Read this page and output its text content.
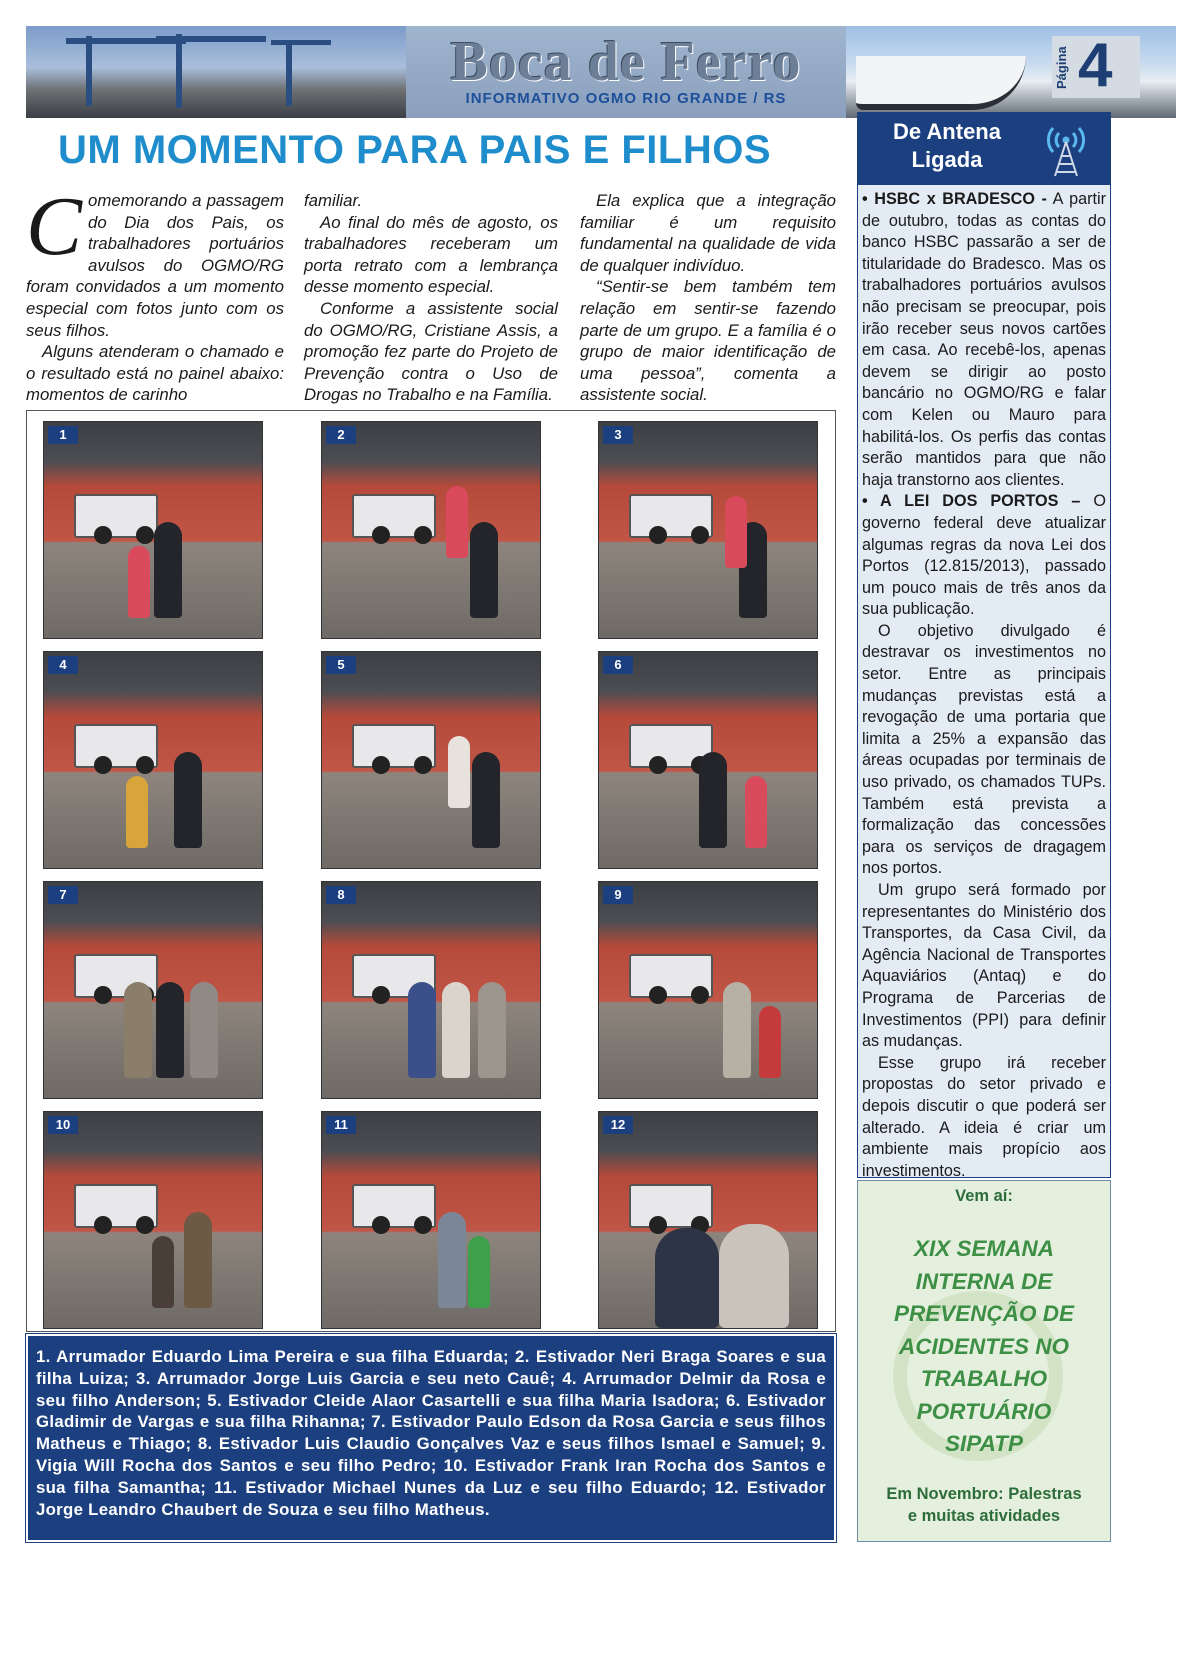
Boca de Ferro
INFORMATIVO OGMO RIO GRANDE / RS
Página 4
UM MOMENTO PARA PAIS E FILHOS

Comemorando a passagem do Dia dos Pais, os trabalhadores portuários avulsos do OGMO/RG foram convidados a um momento especial com fotos junto com os seus filhos.

Alguns atenderam o chamado e o resultado está no painel abaixo: momentos de carinho

familiar.

Ao final do mês de agosto, os trabalhadores receberam um porta retrato com a lembrança desse momento especial.

Conforme a assistente social do OGMO/RG, Cristiane Assis, a promoção fez parte do Projeto de Prevenção contra o Uso de Drogas no Trabalho e na Família.

Ela explica que a integração familiar é um requisito fundamental na qualidade de vida de qualquer indivíduo.

“Sentir-se bem também tem relação em sentir-se fazendo parte de um grupo. E a família é o grupo de maior identificação de uma pessoa”, comenta a assistente social.

1	2	3
4	5	6
7	8	9
10	11	12
1. Arrumador Eduardo Lima Pereira e sua filha Eduarda; 2. Estivador Neri Braga Soares e sua filha Luiza; 3. Arrumador Jorge Luis Garcia e seu neto Cauê; 4. Arrumador Delmir da Rosa e seu filho Anderson; 5. Estivador Cleide Alaor Casartelli e sua filha Maria Isadora; 6. Estivador Gladimir de Vargas e sua filha Rihanna; 7. Estivador Paulo Edson da Rosa Garcia e seus filhos Matheus e Thiago; 8. Estivador Luis Claudio Gonçalves Vaz e seus filhos Ismael e Samuel; 9. Vigia Will Rocha dos Santos e seu filho Pedro; 10. Estivador Frank Iran Rocha dos Santos e sua filha Samantha; 11. Estivador Michael Nunes da Luz e seu filho Eduardo; 12. Estivador Jorge Leandro Chaubert de Souza e seu filho Matheus.
De Antena
Ligada

• HSBC x BRADESCO - A partir de outubro, todas as contas do banco HSBC passarão a ser de titularidade do Bradesco. Mas os trabalhadores portuários avulsos não precisam se preocupar, pois irão receber seus novos cartões em casa. Ao recebê-los, apenas devem se dirigir ao posto bancário no OGMO/RG e falar com Kelen ou Mauro para habilitá-los. Os perfis das contas serão mantidos para que não haja transtorno aos clientes.

• A LEI DOS PORTOS – O governo federal deve atualizar algumas regras da nova Lei dos Portos (12.815/2013), passado um pouco mais de três anos da sua publicação.

O objetivo divulgado é destravar os investimentos no setor. Entre as principais mudanças previstas está a revogação de uma portaria que limita a 25% a expansão das áreas ocupadas por terminais de uso privado, os chamados TUPs. Também está prevista a formalização das concessões para os serviços de dragagem nos portos.

Um grupo será formado por representantes do Ministério dos Transportes, da Casa Civil, da Agência Nacional de Transportes Aquaviários (Antaq) e do Programa de Parcerias de Investimentos (PPI) para definir as mudanças.

Esse grupo irá receber propostas do setor privado e depois discutir o que poderá ser alterado. A ideia é criar um ambiente mais propício aos investimentos.

Vem aí:
XIX SEMANA
INTERNA DE
PREVENÇÃO DE
ACIDENTES NO
TRABALHO
PORTUÁRIO
SIPATP
Em Novembro: Palestras
e muitas atividades
